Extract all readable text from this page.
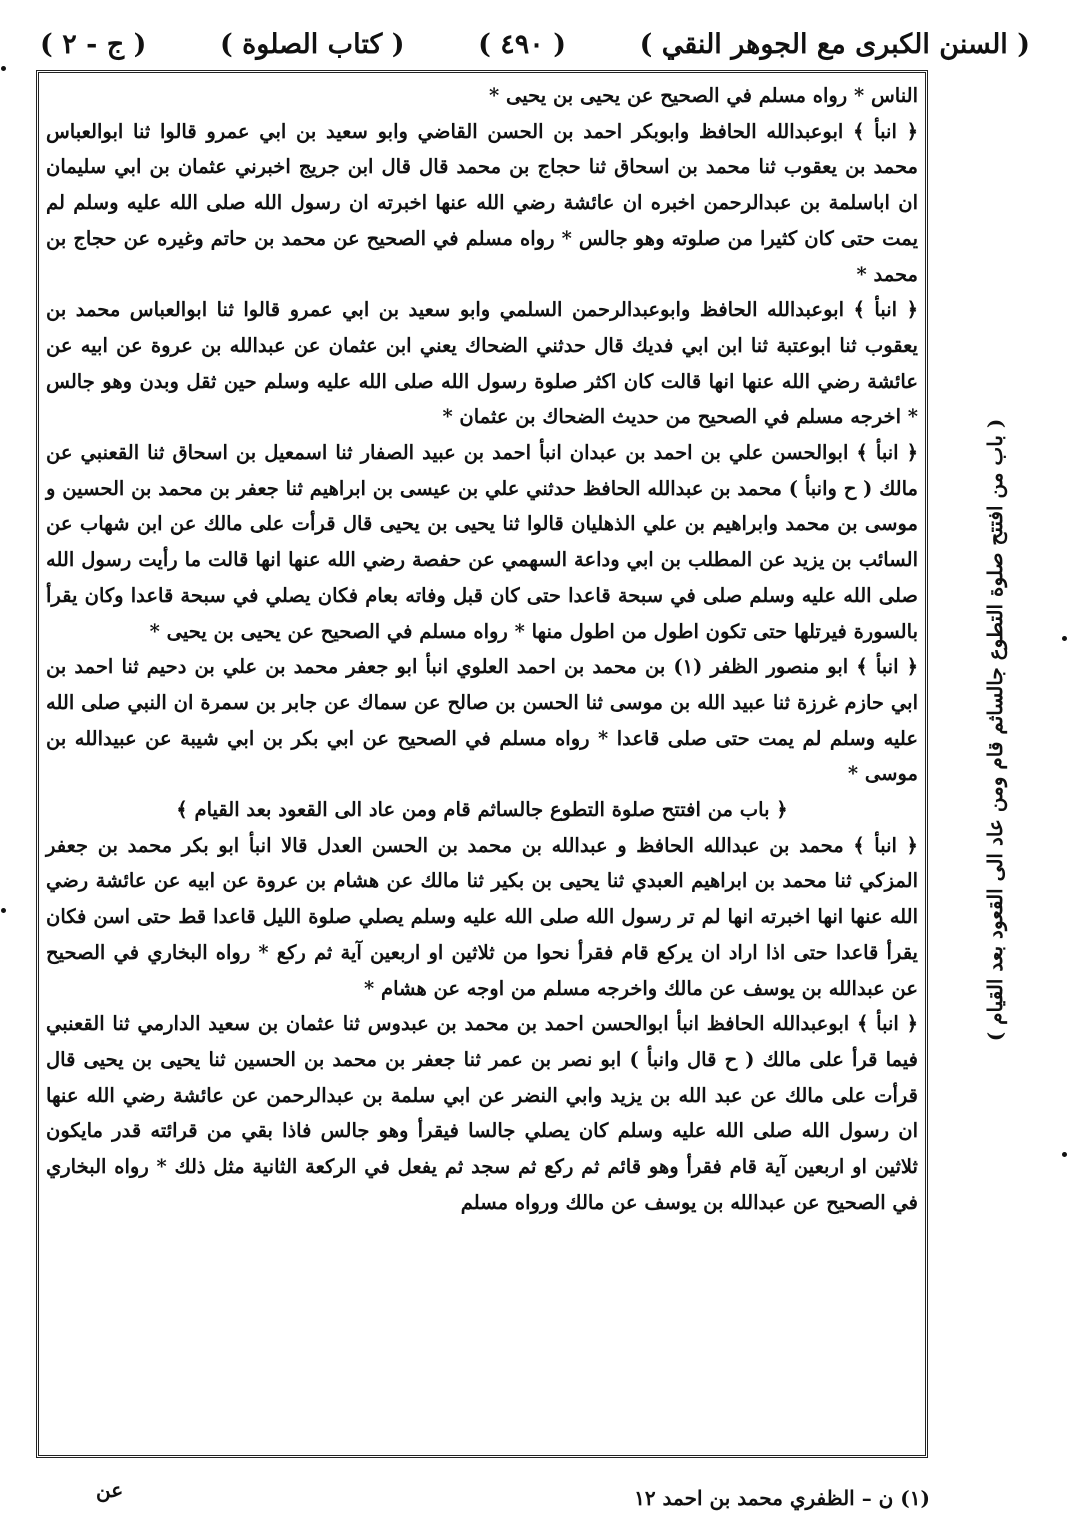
( السنن الكبرى مع الجوهر النقي )
( ٤٩٠ )
( كتاب الصلوة )
( ج - ٢ )

الناس * رواه مسلم في الصحيح عن يحيى بن يحيى *

﴿ انبأ ﴾ ابوعبدالله الحافظ وابوبكر احمد بن الحسن القاضي وابو سعيد بن ابي عمرو قالوا ثنا ابوالعباس محمد بن يعقوب ثنا محمد بن اسحاق ثنا حجاج بن محمد قال قال ابن جريج اخبرني عثمان بن ابي سليمان ان اباسلمة بن عبدالرحمن اخبره ان عائشة رضي الله عنها اخبرته ان رسول الله صلى الله عليه وسلم لم يمت حتى كان كثيرا من صلوته وهو جالس * رواه مسلم في الصحيح عن محمد بن حاتم وغيره عن حجاج بن محمد *

﴿ انبأ ﴾ ابوعبدالله الحافظ وابوعبدالرحمن السلمي وابو سعيد بن ابي عمرو قالوا ثنا ابوالعباس محمد بن يعقوب ثنا ابوعتبة ثنا ابن ابي فديك قال حدثني الضحاك يعني ابن عثمان عن عبدالله بن عروة عن ابيه عن عائشة رضي الله عنها انها قالت كان اكثر صلوة رسول الله صلى الله عليه وسلم حين ثقل وبدن وهو جالس * اخرجه مسلم في الصحيح من حديث الضحاك بن عثمان *

﴿ انبأ ﴾ ابوالحسن علي بن احمد بن عبدان انبأ احمد بن عبيد الصفار ثنا اسمعيل بن اسحاق ثنا القعنبي عن مالك ( ح وانبأ ) محمد بن عبدالله الحافظ حدثني علي بن عيسى بن ابراهيم ثنا جعفر بن محمد بن الحسين و موسى بن محمد وابراهيم بن علي الذهليان قالوا ثنا يحيى بن يحيى قال قرأت على مالك عن ابن شهاب عن السائب بن يزيد عن المطلب بن ابي وداعة السهمي عن حفصة رضي الله عنها انها قالت ما رأيت رسول الله صلى الله عليه وسلم صلى في سبحة قاعدا حتى كان قبل وفاته بعام فكان يصلي في سبحة قاعدا وكان يقرأ بالسورة فيرتلها حتى تكون اطول من اطول منها * رواه مسلم في الصحيح عن يحيى بن يحيى *

﴿ انبأ ﴾ ابو منصور الظفر (١) بن محمد بن احمد العلوي انبأ ابو جعفر محمد بن علي بن دحيم ثنا احمد بن ابي حازم غرزة ثنا عبيد الله بن موسى ثنا الحسن بن صالح عن سماك عن جابر بن سمرة ان النبي صلى الله عليه وسلم لم يمت حتى صلى قاعدا * رواه مسلم في الصحيح عن ابي بكر بن ابي شيبة عن عبيدالله بن موسى *

﴿ باب من افتتح صلوة التطوع جالساثم قام ومن عاد الى القعود بعد القيام ﴾

﴿ انبأ ﴾ محمد بن عبدالله الحافظ و عبدالله بن محمد بن الحسن العدل قالا انبأ ابو بكر محمد بن جعفر المزكي ثنا محمد بن ابراهيم العبدي ثنا يحيى بن بكير ثنا مالك عن هشام بن عروة عن ابيه عن عائشة رضي الله عنها انها اخبرته انها لم تر رسول الله صلى الله عليه وسلم يصلي صلوة الليل قاعدا قط حتى اسن فكان يقرأ قاعدا حتى اذا اراد ان يركع قام فقرأ نحوا من ثلاثين او اربعين آية ثم ركع * رواه البخاري في الصحيح عن عبدالله بن يوسف عن مالك واخرجه مسلم من اوجه عن هشام *

﴿ انبأ ﴾ ابوعبدالله الحافظ انبأ ابوالحسن احمد بن محمد بن عبدوس ثنا عثمان بن سعيد الدارمي ثنا القعنبي فيما قرأ على مالك ( ح قال وانبأ ) ابو نصر بن عمر ثنا جعفر بن محمد بن الحسين ثنا يحيى بن يحيى قال قرأت على مالك عن عبد الله بن يزيد وابي النضر عن ابي سلمة بن عبدالرحمن عن عائشة رضي الله عنها ان رسول الله صلى الله عليه وسلم كان يصلي جالسا فيقرأ وهو جالس فاذا بقي من قرائته قدر مايكون ثلاثين او اربعين آية قام فقرأ وهو قائم ثم ركع ثم سجد ثم يفعل في الركعة الثانية مثل ذلك * رواه البخاري في الصحيح عن عبدالله بن يوسف عن مالك ورواه مسلم

( باب من افتتح صلوة التطوع جالساثم قام ومن عاد الى القعود بعد القيام )
عن	(١) ن – الظفري محمد بن احمد ١٢
